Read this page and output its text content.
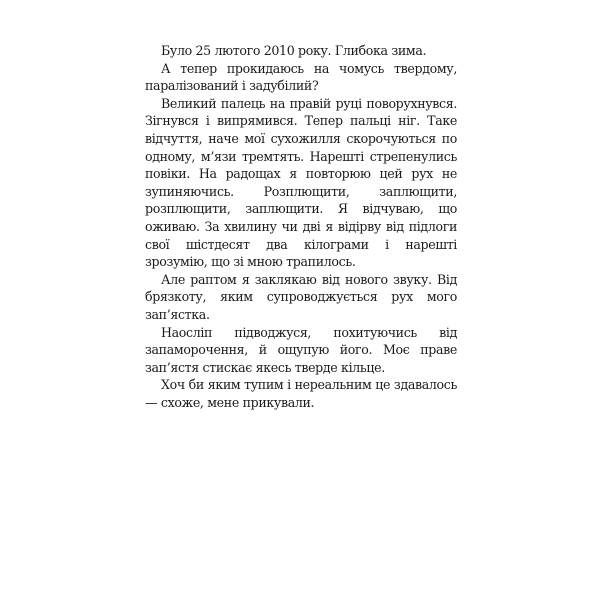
Було 25 лютого 2010 року. Глибока зима.

А тепер прокидаюсь на чомусь твердому, паралізований і задубілий?

Великий палець на правій руці поворухнувся. Зігнувся і випрямився. Тепер пальці ніг. Таке відчуття, наче мої сухожилля скорочуються по одному, м’язи тремтять. Нарешті стрепенулись повіки. На радощах я повторюю цей рух не зупиняючись. Розплющити, заплющити, розплющити, заплющити. Я відчуваю, що оживаю. За хвилину чи дві я відірву від підлоги свої шістдесят два кілограми і нарешті зрозумію, що зі мною трапилось.

Але раптом я заклякаю від нового звуку. Від брязкоту, яким супроводжується рух мого зап’ястка.

Наосліп підводжуся, похитуючись від запаморочення, й ощупую його. Моє праве зап’ястя стискає якесь тверде кільце.

Хоч би яким тупим і нереальним це здавалось — схоже, мене прикували.
